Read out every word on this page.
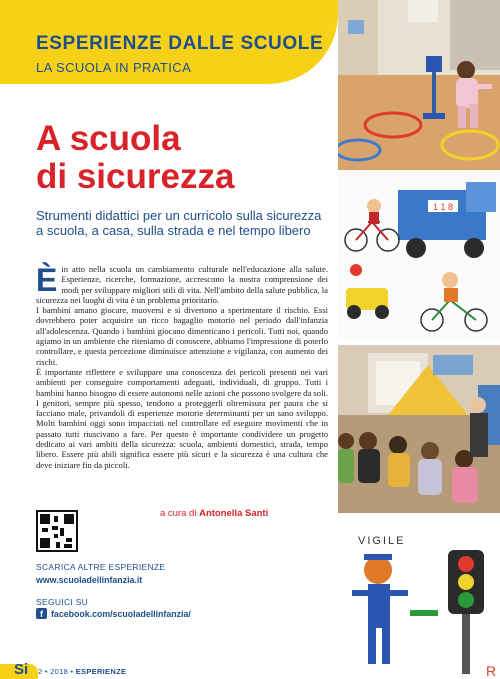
ESPERIENZE DALLE SCUOLE
LA SCUOLA IN PRATICA
A scuola
di sicurezza
Strumenti didattici per un curricolo sulla sicurezza a scuola, a casa, sulla strada e nel tempo libero
È in atto nella scuola un cambiamento culturale nell'educazione alla salute. Esperienze, ricerche, formazione, accrescono la nostra comprensione dei modi per sviluppare migliori stili di vita. Nell'ambito della salute pubblica, la sicurezza nei luoghi di vita è un problema prioritario.

I bambini amano giocare, muoversi e si divertono a sperimentare il rischio. Essi dovrebbero poter acquisire un ricco bagaglio motorio nel periodo dall'infanzia all'adolescenza. Quando i bambini giocano dimenticano i pericoli. Tutti noi, quando agiamo in un ambiente che riteniamo di conoscere, abbiamo l'impressione di poterlo controllare, e questa percezione diminuisce attenzione e vigilanza, con aumento dei rischi.

È importante riflettere e sviluppare una conoscenza dei pericoli presenti nei vari ambienti per conseguire comportamenti adeguati, individuali, di gruppo. Tutti i bambini hanno bisogno di essere autonomi nelle azioni che possono svolgere da soli. I genitori, sempre più spesso, tendono a proteggerli oltremisura per paura che si facciano male, privandoli di esperienze motorie determinanti per un sano sviluppo. Molti bambini oggi sono impacciati nel controllare ed eseguire movimenti che in passato tutti riuscivano a fare. Per questo è importante condividere un progetto dedicato ai vari ambiti della sicurezza: scuola, ambienti domestici, strada, tempo libero. Essere più abili significa essere più sicuri e la sicurezza è una cultura che deve iniziare fin da piccoli.

a cura di Antonella Santi
SCARICA ALTRE ESPERIENZE
www.scuoladellinfanzia.it
SEGUICI SU
f facebook.com/scuoladellinfanzia/
Si 2 • 2018 • ESPERIENZE
1 1 8
VIGILE
R
